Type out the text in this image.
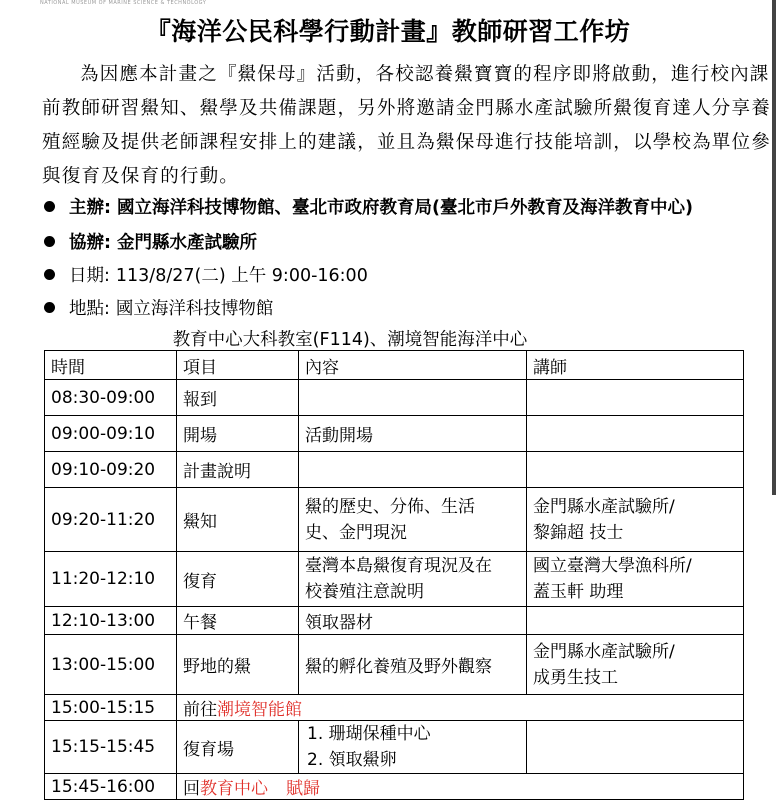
NATIONAL MUSEUM OF MARINE SCIENCE & TECHNOLOGY
『海洋公民科學行動計畫』教師研習工作坊
為因應本計畫之『鱟保母』活動，各校認養鱟寶寶的程序即將啟動，進行校內課
前教師研習鱟知、鱟學及共備課題，另外將邀請金門縣水產試驗所鱟復育達人分享養
殖經驗及提供老師課程安排上的建議，並且為鱟保母進行技能培訓，以學校為單位參
與復育及保育的行動。
主辦: 國立海洋科技博物館、臺北市政府教育局(臺北市戶外教育及海洋教育中心)
協辦: 金門縣水產試驗所
日期: 113/8/27(二) 上午 9:00-16:00
地點: 國立海洋科技博物館
教育中心大科教室(F114)、潮境智能海洋中心
時間	項目	內容	講師
08:30-09:00	報到		
09:00-09:10	開場	活動開場	
09:10-09:20	計畫說明		
09:20-11:20	鱟知	鱟的歷史、分佈、生活
史、金門現況	金門縣水產試驗所/
黎錦超 技士

11:20-12:10	復育	臺灣本島鱟復育現況及在
校養殖注意說明	國立臺灣大學漁科所/
蓋玉軒 助理

12:10-13:00	午餐	領取器材	
13:00-15:00	野地的鱟	鱟的孵化養殖及野外觀察	金門縣水產試驗所/
成勇生技工

15:00-15:15	前往潮境智能館		
15:15-15:45	復育場	1. 珊瑚保種中心
2. 領取鱟卵	

15:45-16:00	回教育中心 賦歸		
